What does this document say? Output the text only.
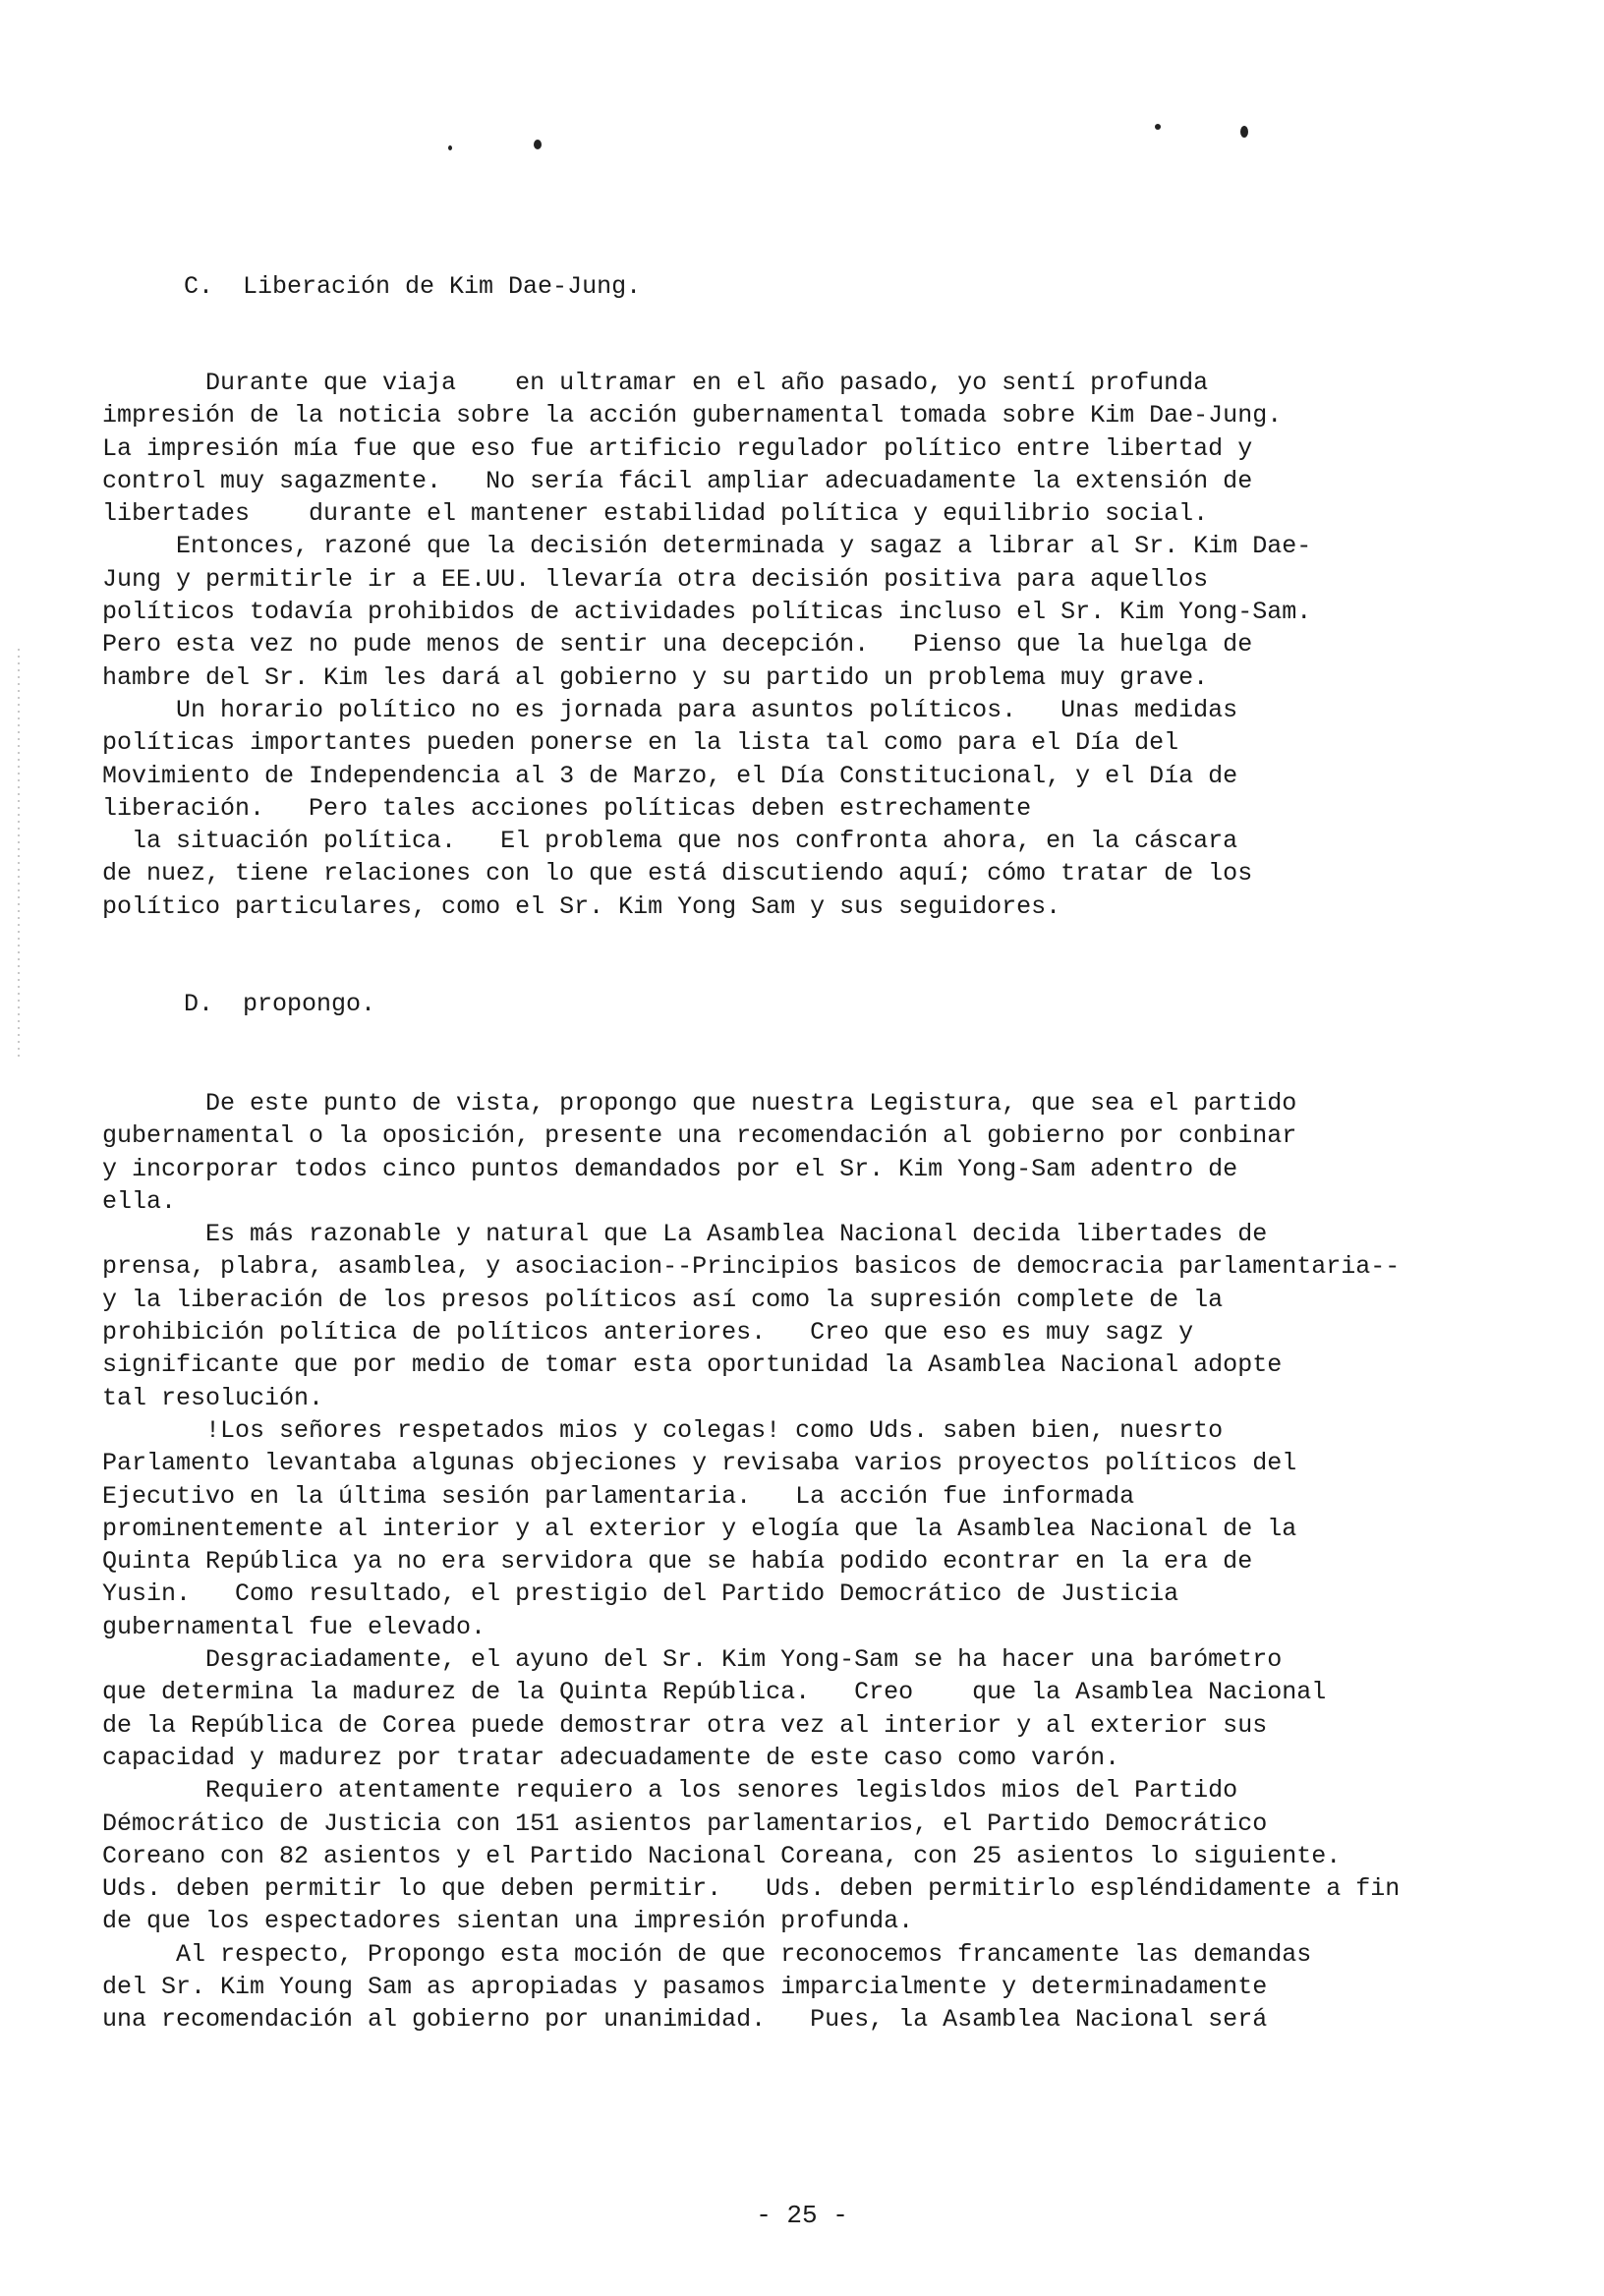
C.  Liberación de Kim Dae-Jung.
Durante que viaja    en ultramar en el año pasado, yo sentí profunda
impresión de la noticia sobre la acción gubernamental tomada sobre Kim Dae-Jung.
La impresión mía fue que eso fue artificio regulador político entre libertad y
control muy sagazmente.   No sería fácil ampliar adecuadamente la extensión de
libertades    durante el mantener estabilidad política y equilibrio social.
Entonces, razoné que la decisión determinada y sagaz a librar al Sr. Kim Dae-
Jung y permitirle ir a EE.UU. llevaría otra decisión positiva para aquellos
políticos todavía prohibidos de actividades políticas incluso el Sr. Kim Yong-Sam.
Pero esta vez no pude menos de sentir una decepción.   Pienso que la huelga de
hambre del Sr. Kim les dará al gobierno y su partido un problema muy grave.
Un horario político no es jornada para asuntos políticos.   Unas medidas
políticas importantes pueden ponerse en la lista tal como para el Día del
Movimiento de Independencia al 3 de Marzo, el Día Constitucional, y el Día de
liberación.   Pero tales acciones políticas deben estrechamente
la situación política.   El problema que nos confronta ahora, en la cáscara
de nuez, tiene relaciones con lo que está discutiendo aquí; cómo tratar de los
político particulares, como el Sr. Kim Yong Sam y sus seguidores.
D.  propongo.
De este punto de vista, propongo que nuestra Legistura, que sea el partido
gubernamental o la oposición, presente una recomendación al gobierno por conbinar
y incorporar todos cinco puntos demandados por el Sr. Kim Yong-Sam adentro de
ella.
Es más razonable y natural que La Asamblea Nacional decida libertades de
prensa, plabra, asamblea, y asociacion--Principios basicos de democracia parlamentaria--
y la liberación de los presos políticos así como la supresión complete de la
prohibición política de políticos anteriores.   Creo que eso es muy sagz y
significante que por medio de tomar esta oportunidad la Asamblea Nacional adopte
tal resolución.
!Los señores respetados mios y colegas! como Uds. saben bien, nuesrto
Parlamento levantaba algunas objeciones y revisaba varios proyectos políticos del
Ejecutivo en la última sesión parlamentaria.   La acción fue informada
prominentemente al interior y al exterior y elogía que la Asamblea Nacional de la
Quinta República ya no era servidora que se había podido econtrar en la era de
Yusin.   Como resultado, el prestigio del Partido Democrático de Justicia
gubernamental fue elevado.
Desgraciadamente, el ayuno del Sr. Kim Yong-Sam se ha hacer una barómetro
que determina la madurez de la Quinta República.   Creo    que la Asamblea Nacional
de la República de Corea puede demostrar otra vez al interior y al exterior sus
capacidad y madurez por tratar adecuadamente de este caso como varón.
Requiero atentamente requiero a los senores legisldos mios del Partido
Démocrático de Justicia con 151 asientos parlamentarios, el Partido Democrático
Coreano con 82 asientos y el Partido Nacional Coreana, con 25 asientos lo siguiente.
Uds. deben permitir lo que deben permitir.   Uds. deben permitirlo espléndidamente a fin
de que los espectadores sientan una impresión profunda.
Al respecto, Propongo esta moción de que reconocemos francamente las demandas
del Sr. Kim Young Sam as apropiadas y pasamos imparcialmente y determinadamente
una recomendación al gobierno por unanimidad.   Pues, la Asamblea Nacional será
- 25 -
